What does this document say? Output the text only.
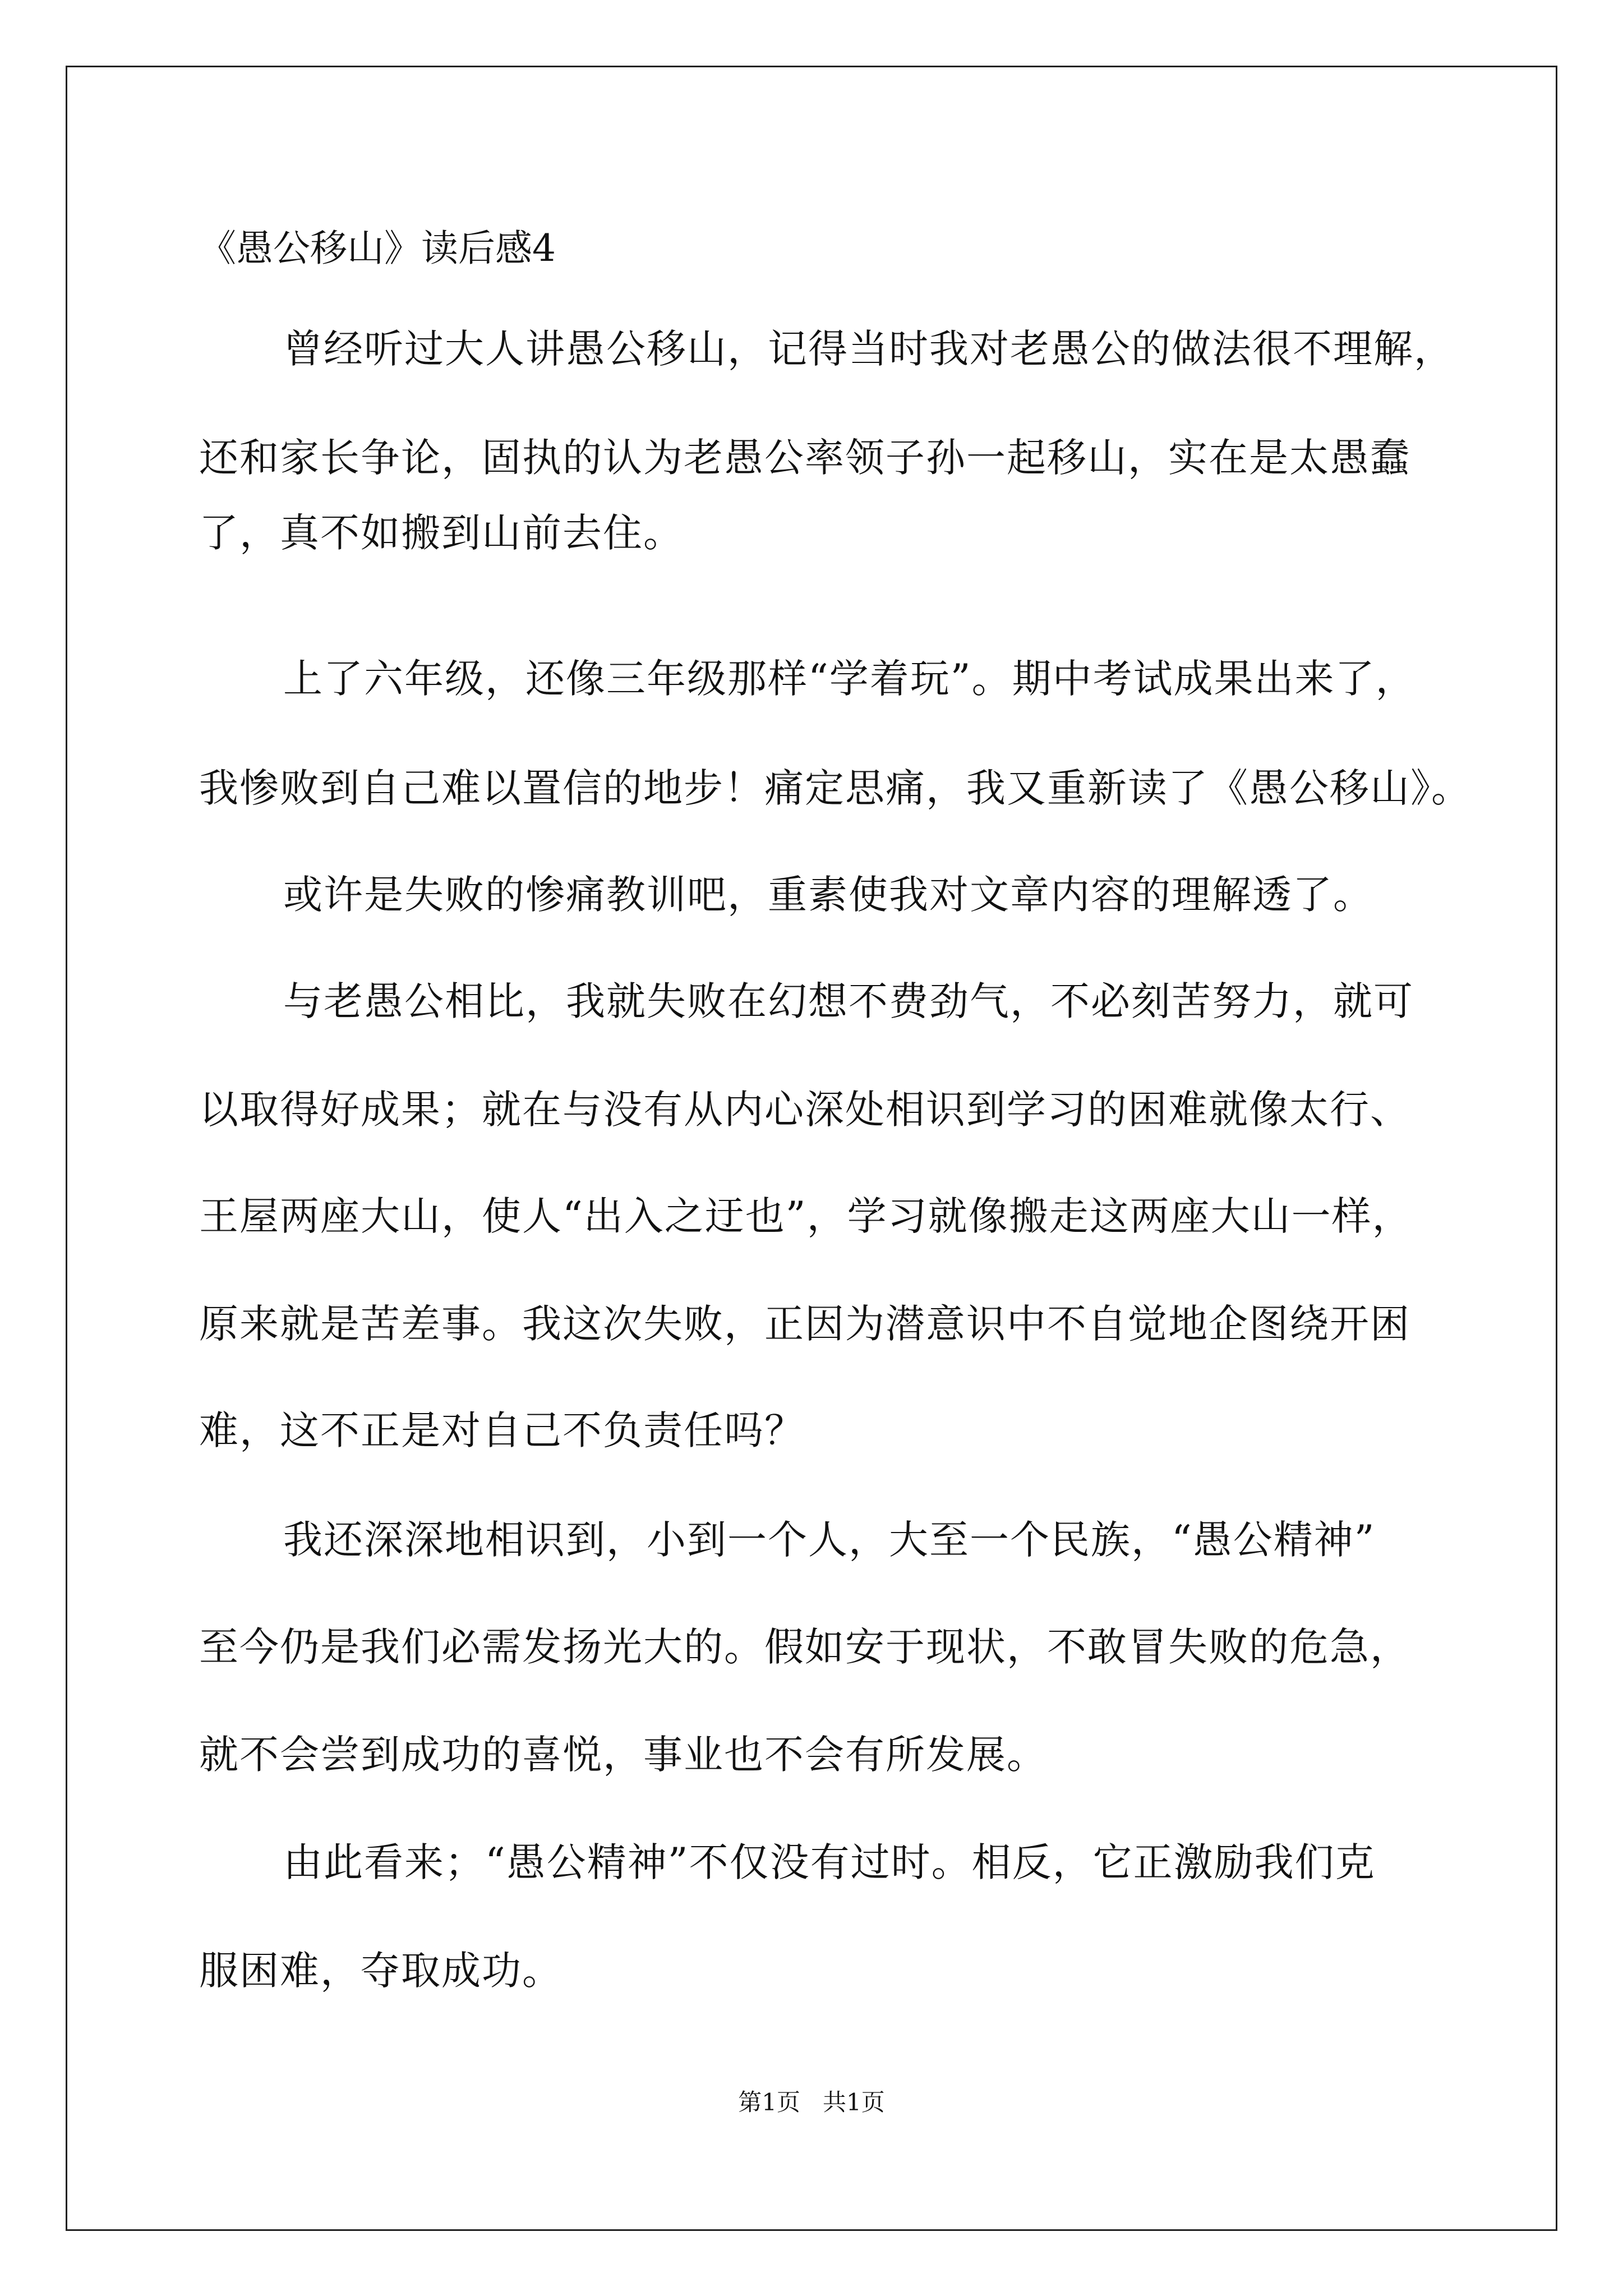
《愚公移山》读后感4
曾经听过大人讲愚公移山，记得当时我对老愚公的做法很不理解，
还和家长争论，固执的认为老愚公率领子孙一起移山，实在是太愚蠢
了，真不如搬到山前去住。
上了六年级，还像三年级那样“学着玩”。期中考试成果出来了，
我惨败到自己难以置信的地步！痛定思痛，我又重新读了《愚公移山》。
或许是失败的惨痛教训吧，重素使我对文章内容的理解透了。
与老愚公相比，我就失败在幻想不费劲气，不必刻苦努力，就可
以取得好成果；就在与没有从内心深处相识到学习的困难就像太行、
王屋两座大山，使人“出入之迂也”，学习就像搬走这两座大山一样，
原来就是苦差事。我这次失败，正因为潜意识中不自觉地企图绕开困
难，这不正是对自己不负责任吗？
我还深深地相识到，小到一个人，大至一个民族，“愚公精神”
至今仍是我们必需发扬光大的。假如安于现状，不敢冒失败的危急，
就不会尝到成功的喜悦，事业也不会有所发展。
由此看来；“愚公精神”不仅没有过时。相反，它正激励我们克
服困难，夺取成功。
第1页 共1页
